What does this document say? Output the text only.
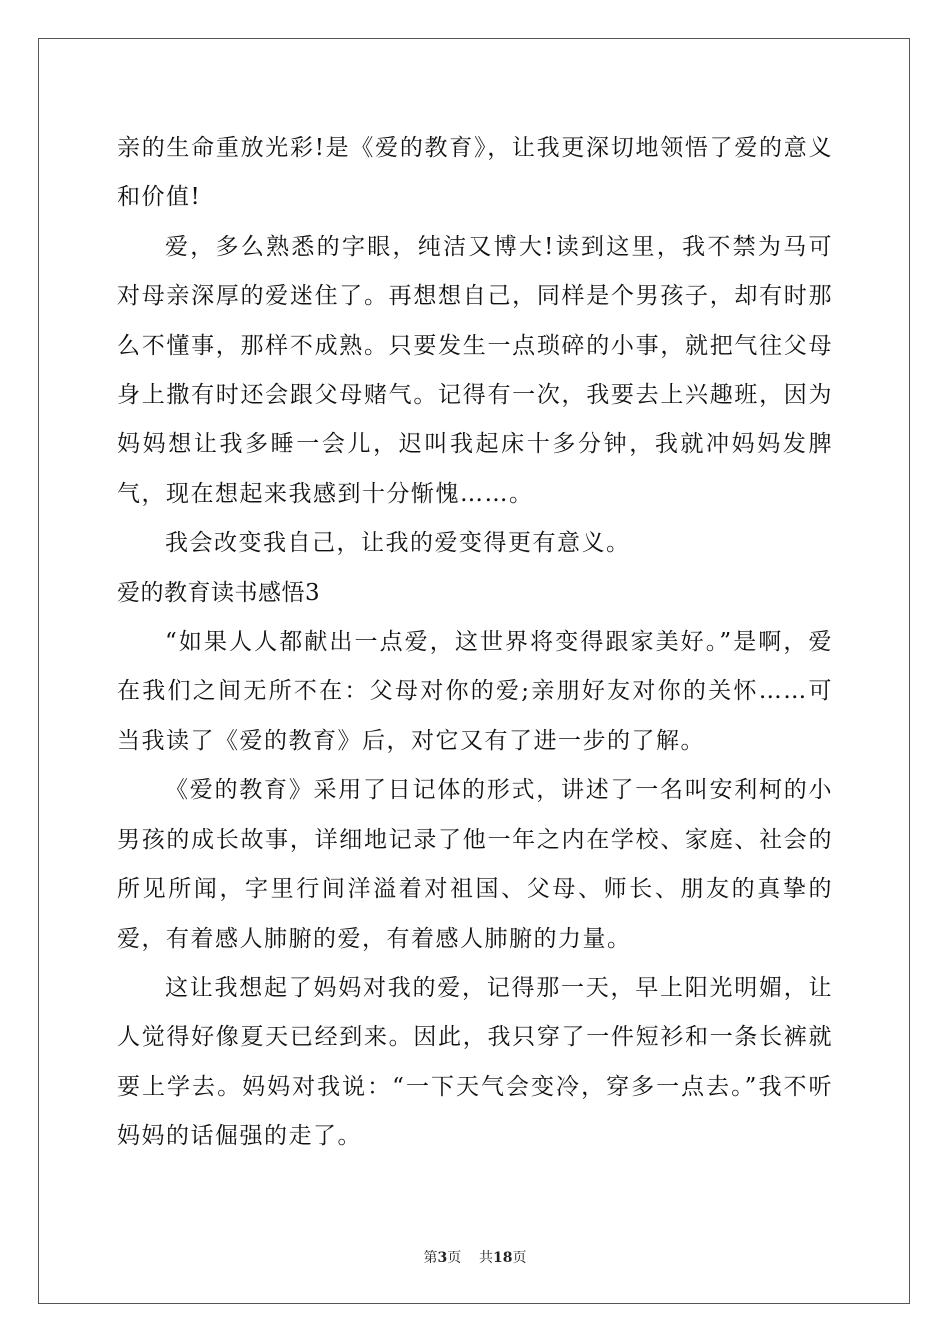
亲的生命重放光彩!是《爱的教育》，让我更深切地领悟了爱的意义和价值!

爱，多么熟悉的字眼，纯洁又博大!读到这里，我不禁为马可对母亲深厚的爱迷住了。再想想自己，同样是个男孩子，却有时那么不懂事，那样不成熟。只要发生一点琐碎的小事，就把气往父母身上撒有时还会跟父母赌气。记得有一次，我要去上兴趣班，因为妈妈想让我多睡一会儿，迟叫我起床十多分钟，我就冲妈妈发脾气，现在想起来我感到十分惭愧……。

我会改变我自己，让我的爱变得更有意义。

爱的教育读书感悟3

“如果人人都献出一点爱，这世界将变得跟家美好。”是啊，爱在我们之间无所不在：父母对你的爱;亲朋好友对你的关怀……可当我读了《爱的教育》后，对它又有了进一步的了解。

《爱的教育》采用了日记体的形式，讲述了一名叫安利柯的小男孩的成长故事，详细地记录了他一年之内在学校、家庭、社会的所见所闻，字里行间洋溢着对祖国、父母、师长、朋友的真挚的爱，有着感人肺腑的爱，有着感人肺腑的力量。

这让我想起了妈妈对我的爱，记得那一天，早上阳光明媚，让人觉得好像夏天已经到来。因此，我只穿了一件短衫和一条长裤就要上学去。妈妈对我说：“一下天气会变冷，穿多一点去。”我不听妈妈的话倔强的走了。

第3页 共18页
